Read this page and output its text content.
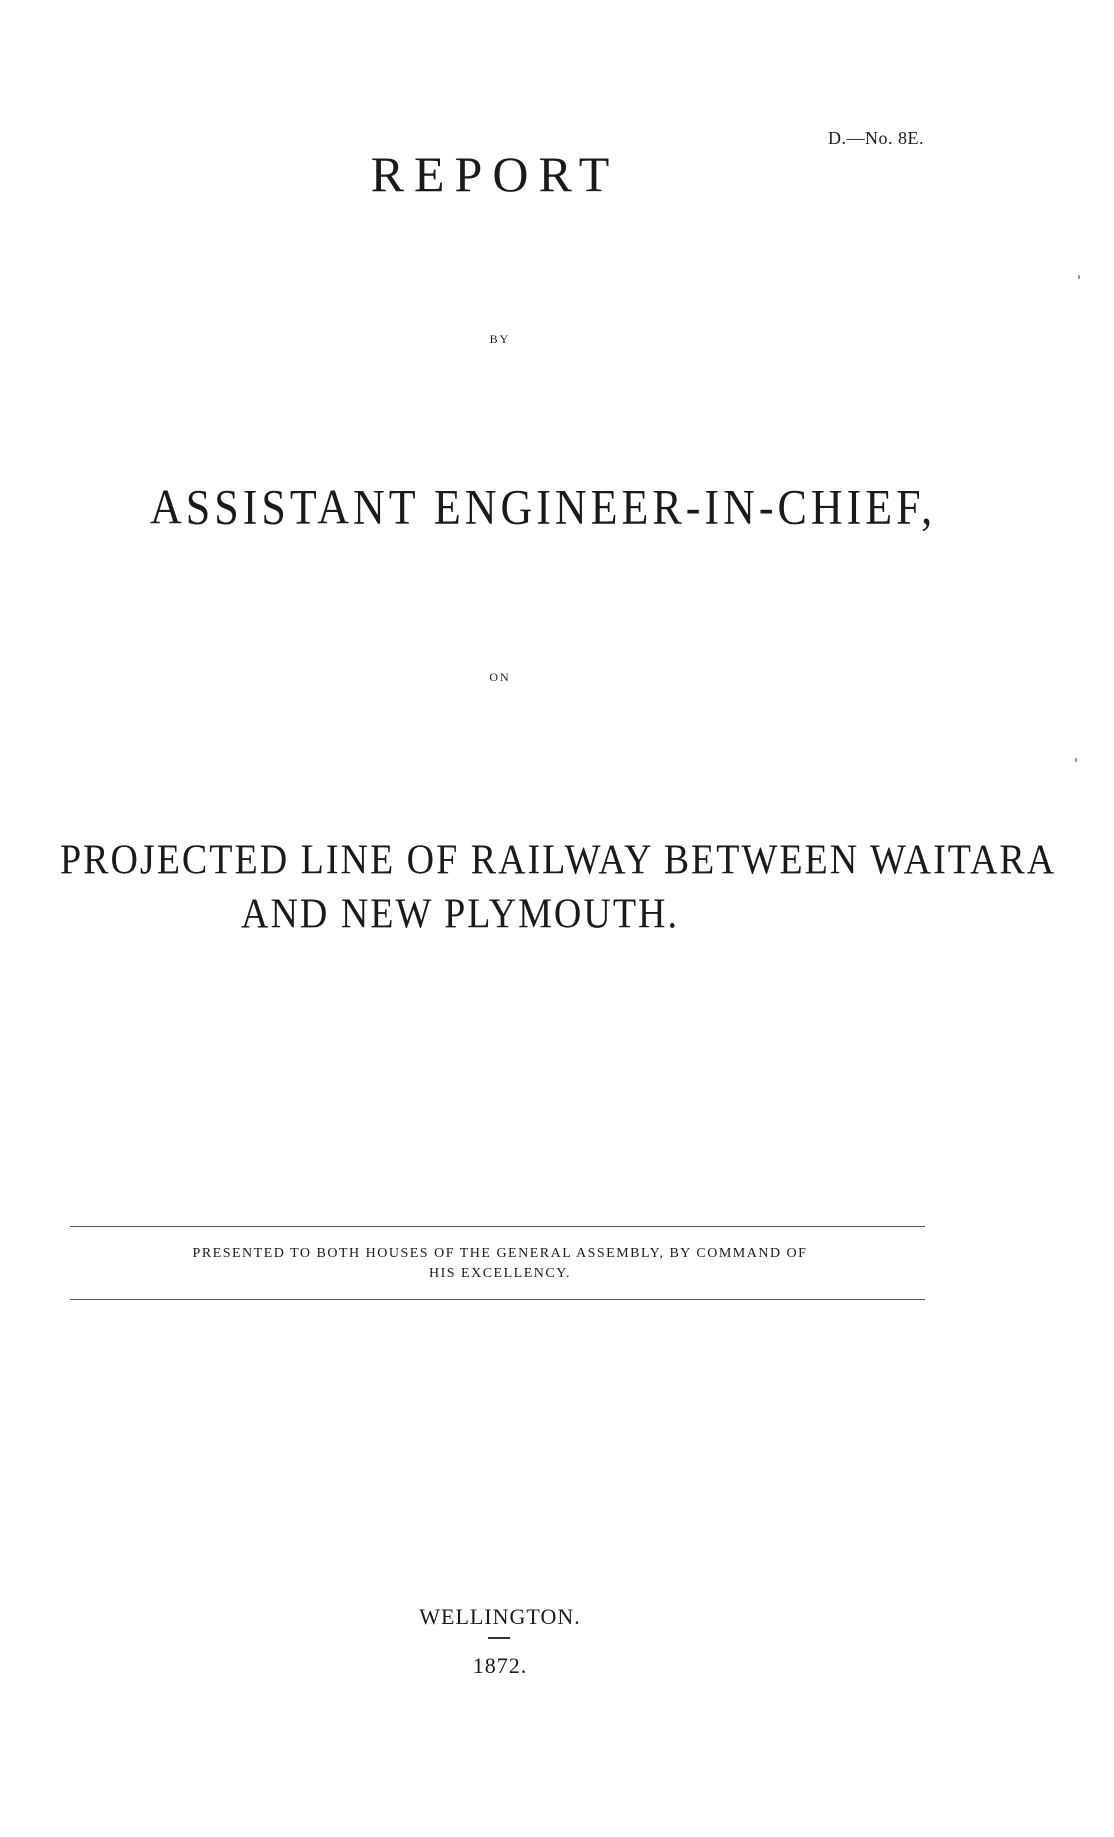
D.—No. 8E.
REPORT
BY
ASSISTANT ENGINEER-IN-CHIEF,
ON
PROJECTED LINE OF RAILWAY BETWEEN WAITARA
AND NEW PLYMOUTH.
PRESENTED TO BOTH HOUSES OF THE GENERAL ASSEMBLY, BY COMMAND OF
HIS EXCELLENCY.
WELLINGTON.
1872.
